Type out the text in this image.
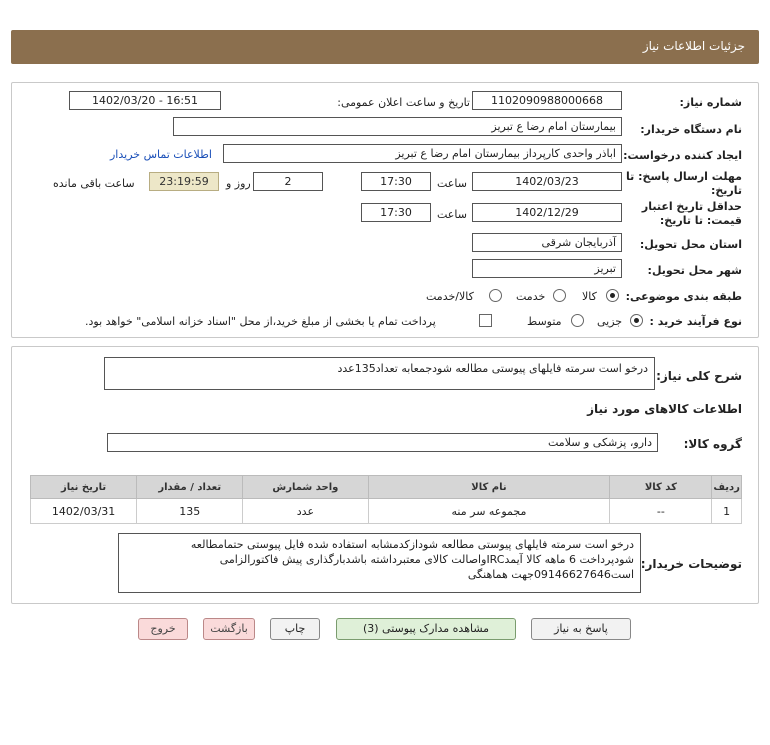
جزئیات اطلاعات نیاز
شماره نیاز:
1102090988000668
تاریخ و ساعت اعلان عمومی:
1402/03/20 - 16:51
نام دستگاه خریدار:
بیمارستان امام رضا ع تبریز
ایجاد کننده درخواست:
اباذر واحدی کارپرداز بیمارستان امام رضا ع تبریز
اطلاعات تماس خریدار
مهلت ارسال پاسخ: تا تاریخ:
1402/03/23
ساعت
17:30
2
روز و
23:19:59
ساعت باقی مانده
حداقل تاریخ اعتبار قیمت: تا تاریخ:
1402/12/29
ساعت
17:30
استان محل تحویل:
آذربایجان شرقی
شهر محل تحویل:
تبریز
طبقه بندی موضوعی:
کالا
خدمت
کالا/خدمت
نوع فرآیند خرید :
جزیی
متوسط
پرداخت تمام یا بخشی از مبلغ خرید،از محل "اسناد خزانه اسلامی" خواهد بود.
شرح کلی نیاز:
درخو است سرمته فایلهای پیوستی مطالعه شودجمعابه تعداد135عدد
اطلاعات کالاهای مورد نیاز
گروه کالا:
دارو، پزشکی و سلامت
ردیف	کد کالا	نام کالا	واحد شمارش	تعداد / مقدار	تاریخ نیاز
1	--	مجموعه سر منه	عدد	135	1402/03/31
توضیحات خریدار:
درخو است سرمته فایلهای پیوستی مطالعه شودازکدمشابه استفاده شده فایل پیوستی حتمامطالعه
شودپرداخت 6 ماهه کالا آیمدIRCواصالت کالای معتبرداشته باشدبارگذاری پیش فاکتورالزامی
است09146627646جهت هماهنگی
پاسخ به نیاز
مشاهده مدارک پیوستی (3)
چاپ
بازگشت
خروج
